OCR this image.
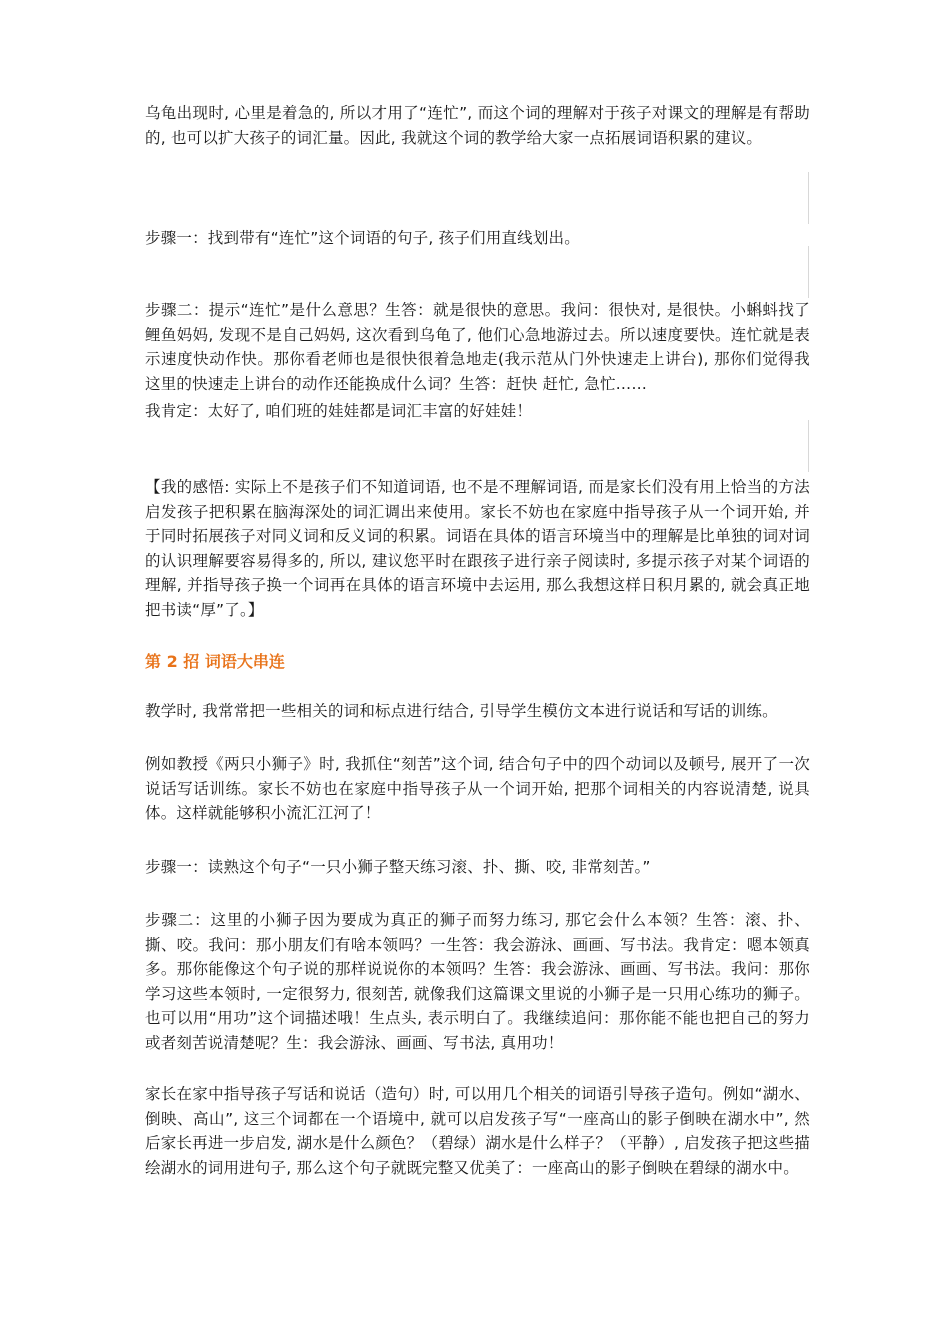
乌龟出现时, 心里是着急的, 所以才用了“连忙”, 而这个词的理解对于孩子对课文的理解是有帮助的, 也可以扩大孩子的词汇量。因此, 我就这个词的教学给大家一点拓展词语积累的建议。

步骤一：找到带有“连忙”这个词语的句子, 孩子们用直线划出。

步骤二：提示“连忙”是什么意思？生答：就是很快的意思。我问：很快对, 是很快。小蝌蚪找了鲤鱼妈妈, 发现不是自己妈妈, 这次看到乌龟了, 他们心急地游过去。所以速度要快。连忙就是表示速度快动作快。那你看老师也是很快很着急地走(我示范从门外快速走上讲台), 那你们觉得我这里的快速走上讲台的动作还能换成什么词？生答：赶快 赶忙, 急忙……

我肯定：太好了, 咱们班的娃娃都是词汇丰富的好娃娃！

【我的感悟: 实际上不是孩子们不知道词语, 也不是不理解词语, 而是家长们没有用上恰当的方法启发孩子把积累在脑海深处的词汇调出来使用。家长不妨也在家庭中指导孩子从一个词开始, 并于同时拓展孩子对同义词和反义词的积累。词语在具体的语言环境当中的理解是比单独的词对词的认识理解要容易得多的, 所以, 建议您平时在跟孩子进行亲子阅读时, 多提示孩子对某个词语的理解, 并指导孩子换一个词再在具体的语言环境中去运用, 那么我想这样日积月累的, 就会真正地把书读“厚”了。】

第 2 招 词语大串连

教学时, 我常常把一些相关的词和标点进行结合, 引导学生模仿文本进行说话和写话的训练。

例如教授《两只小狮子》时, 我抓住“刻苦”这个词, 结合句子中的四个动词以及顿号, 展开了一次说话写话训练。家长不妨也在家庭中指导孩子从一个词开始, 把那个词相关的内容说清楚, 说具体。这样就能够积小流汇江河了！

步骤一：读熟这个句子“一只小狮子整天练习滚、扑、撕、咬, 非常刻苦。”

步骤二：这里的小狮子因为要成为真正的狮子而努力练习, 那它会什么本领？生答：滚、扑、撕、咬。我问：那小朋友们有啥本领吗？一生答：我会游泳、画画、写书法。我肯定：嗯本领真多。那你能像这个句子说的那样说说你的本领吗？生答：我会游泳、画画、写书法。我问：那你学习这些本领时, 一定很努力, 很刻苦, 就像我们这篇课文里说的小狮子是一只用心练功的狮子。也可以用“用功”这个词描述哦！生点头, 表示明白了。我继续追问：那你能不能也把自己的努力或者刻苦说清楚呢？生：我会游泳、画画、写书法, 真用功！

家长在家中指导孩子写话和说话（造句）时, 可以用几个相关的词语引导孩子造句。例如“湖水、倒映、高山”, 这三个词都在一个语境中, 就可以启发孩子写“一座高山的影子倒映在湖水中”, 然后家长再进一步启发, 湖水是什么颜色？（碧绿）湖水是什么样子？（平静）, 启发孩子把这些描绘湖水的词用进句子, 那么这个句子就既完整又优美了：一座高山的影子倒映在碧绿的湖水中。
